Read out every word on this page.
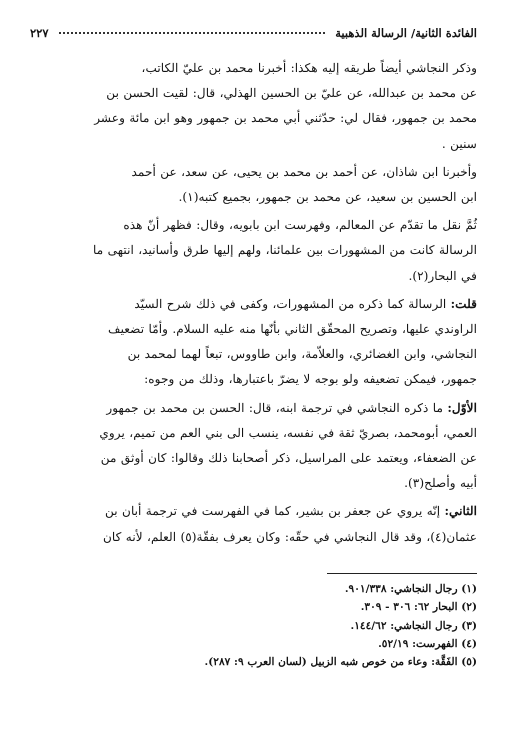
الفائدة الثانية/ الرسالة الذهبية
٢٢٧

وذكر النجاشي أيضاً طريقه إليه هكذا: أخبرنا محمد بن عليّ الكاتب،
عن محمد بن عبدالله، عن عليّ بن الحسين الهذلي، قال: لقيت الحسن بن
محمد بن جمهور، فقال لي: حدّثني أبي محمد بن جمهور وهو ابن مائة وعشر
سنين .

وأخبرنا ابن شاذان، عن أحمد بن محمد بن يحيى، عن سعد، عن أحمد
ابن الحسين بن سعيد، عن محمد بن جمهور، بجميع كتبه(١).

ثُمَّ نقل ما تقدّم عن المعالم، وفهرست ابن بابويه، وقال: فظهر أنّ هذه
الرسالة كانت من المشهورات بين علمائنا، ولهم إليها طرق وأسانيد، انتهى ما
في البحار(٢).

قلت: الرسالة كما ذكره من المشهورات، وكفى في ذلك شرح السيّد
الراوندي عليها، وتصريح المحقّق الثاني بأنّها منه عليه السلام. وأمّا تضعيف
النجاشي، وابن الغضائري، والعلاّمة، وابن طاووس، تبعاً لهما لمحمد بن
جمهور، فيمكن تضعيفه ولو بوجه لا يضرّ باعتبارها، وذلك من وجوه:

الأوّل: ما ذكره النجاشي في ترجمة ابنه، قال: الحسن بن محمد بن جمهور
العمي، أبومحمد، بصريّ ثقة في نفسه، ينسب الى بني العم من تميم، يروي
عن الضعفاء، ويعتمد على المراسيل، ذكر أصحابنا ذلك وقالوا: كان أوثق من
أبيه وأصلح(٣).

الثاني: إنّه يروي عن جعفر بن بشير، كما في الفهرست في ترجمة أبان بن
عثمان(٤)، وقد قال النجاشي في حقّه: وكان يعرف بفقّة(٥) العلم، لأنه كان

(١) رجال النجاشي: ٩٠١/٣٣٨.
(٢) البحار ٦٢: ٣٠٦ - ٣٠٩.
(٣) رجال النجاشي: ١٤٤/٦٢.
(٤) الفهرست: ٥٢/١٩.
(٥) الفَقَّة: وعاء من خوص شبه الزبيل (لسان العرب ٩: ٢٨٧).
